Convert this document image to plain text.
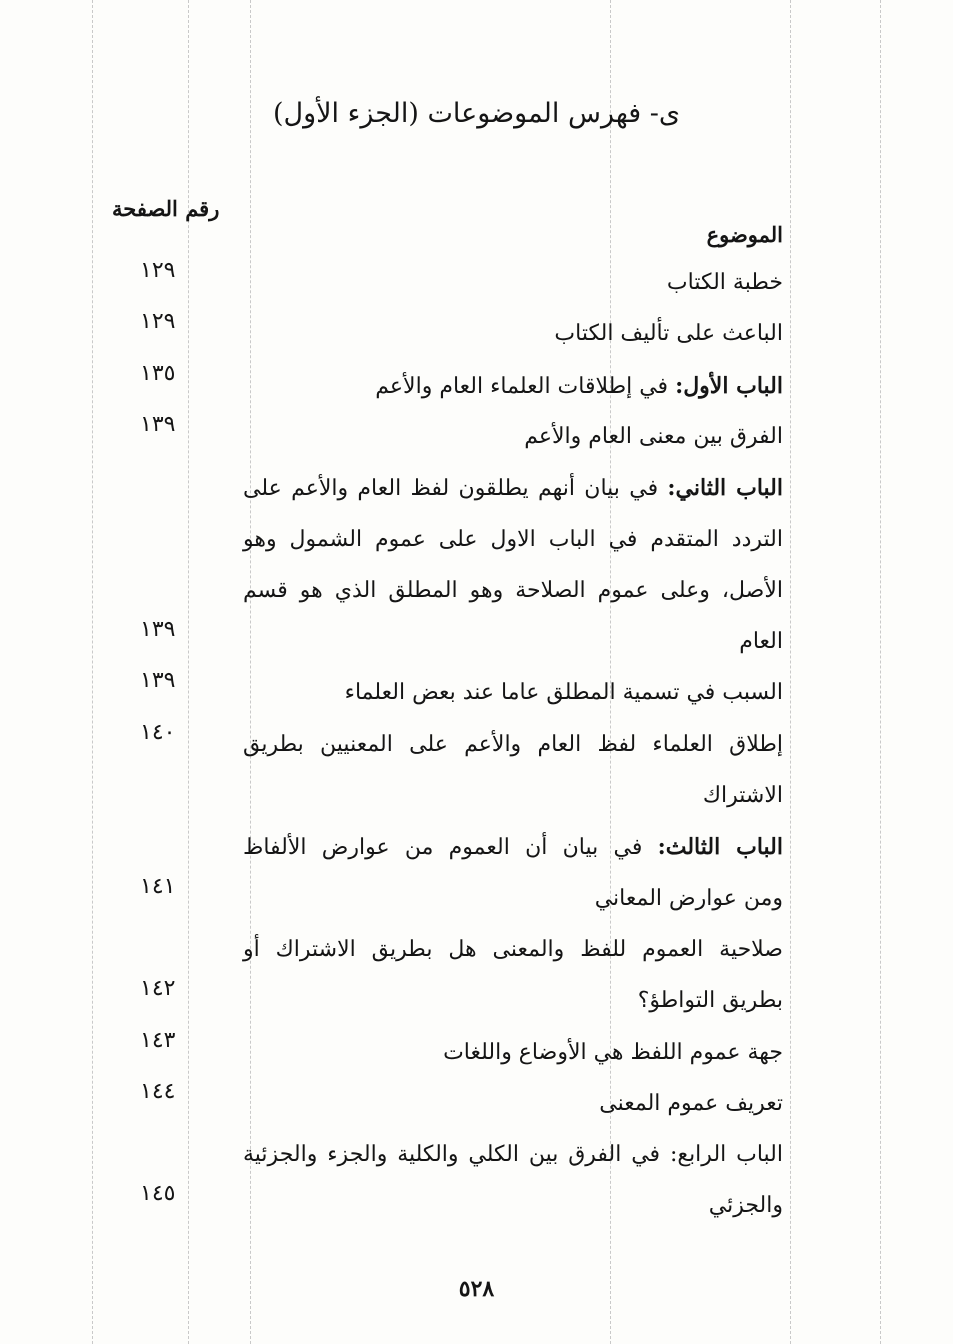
ى- فهرس الموضوعات (الجزء الأول)
الموضوع
رقم الصفحة
خطبة الكتاب
١٢٩
الباعث على تأليف الكتاب
١٢٩
الباب الأول: في إطلاقات العلماء العام والأعم
١٣٥
الفرق بين معنى العام والأعم
١٣٩
الباب الثاني: في بيان أنهم يطلقون لفظ العام والأعم على
التردد المتقدم في الباب الاول على عموم الشمول وهو
الأصل، وعلى عموم الصلاحة وهو المطلق الذي هو قسم
العام
١٣٩
السبب في تسمية المطلق عاما عند بعض العلماء
١٣٩
إطلاق العلماء لفظ العام والأعم على المعنيين بطريق
١٤٠
الاشتراك
الباب الثالث: في بيان أن العموم من عوارض الألفاظ
ومن عوارض المعاني
١٤١
صلاحية العموم للفظ والمعنى هل بطريق الاشتراك أو
بطريق التواطؤ؟
١٤٢
جهة عموم اللفظ هي الأوضاع واللغات
١٤٣
تعريف عموم المعنى
١٤٤
الباب الرابع: في الفرق بين الكلي والكلية والجزء والجزئية
والجزئي
١٤٥
٥٢٨
